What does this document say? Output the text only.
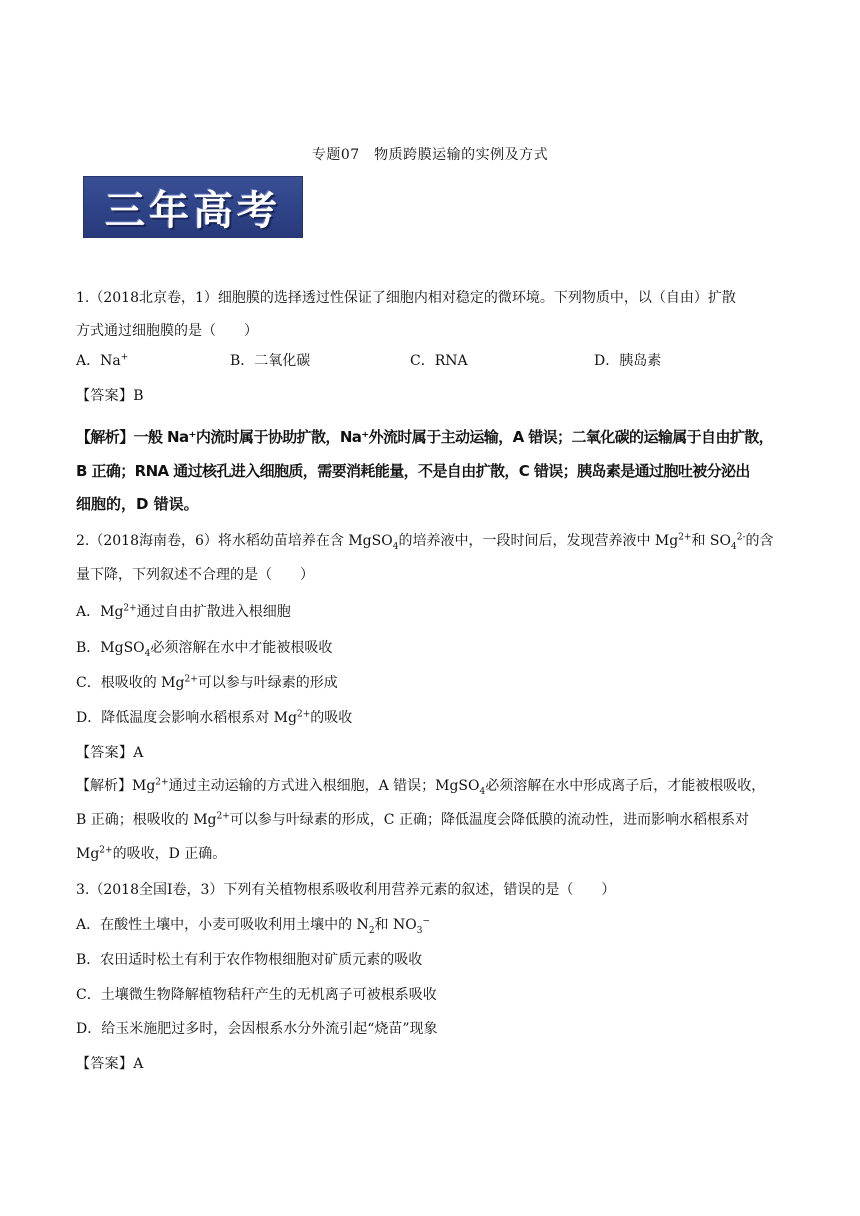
专题07　物质跨膜运输的实例及方式
三年高考
1.（2018北京卷，1）细胞膜的选择透过性保证了细胞内相对稳定的微环境。下列物质中，以（自由）扩散
方式通过细胞膜的是（　　）
A．Na+	B．二氧化碳	C．RNA	D．胰岛素
【答案】B
【解析】一般 Na⁺内流时属于协助扩散，Na⁺外流时属于主动运输，A 错误；二氧化碳的运输属于自由扩散，
B 正确；RNA 通过核孔进入细胞质，需要消耗能量，不是自由扩散，C 错误；胰岛素是通过胞吐被分泌出
细胞的，D 错误。
2.（2018海南卷，6）将水稻幼苗培养在含 MgSO$_4$的培养液中，一段时间后，发现营养液中 $Mg^{2+}$和 $SO_4^{2-}$的含
量下降，下列叙述不合理的是（　　）
A．$Mg^{2+}$通过自由扩散进入根细胞
B．MgSO$_4$必须溶解在水中才能被根吸收
C．根吸收的 $Mg^{2+}$可以参与叶绿素的形成
D．降低温度会影响水稻根系对 $Mg^{2+}$的吸收
【答案】A
【解析】$Mg^{2+}$通过主动运输的方式进入根细胞，A 错误；MgSO$_4$必须溶解在水中形成离子后，才能被根吸收，
B 正确；根吸收的 $Mg^{2+}$可以参与叶绿素的形成，C 正确；降低温度会降低膜的流动性，进而影响水稻根系对
$Mg^{2+}$的吸收，D 正确。
3.（2018全国Ⅰ卷，3）下列有关植物根系吸收利用营养元素的叙述，错误的是（　　）
A．在酸性土壤中，小麦可吸收利用土壤中的 $N_2$和 $NO_3^-$
B．农田适时松土有利于农作物根细胞对矿质元素的吸收
C．土壤微生物降解植物秸秆产生的无机离子可被根系吸收
D．给玉米施肥过多时，会因根系水分外流引起“烧苗”现象
【答案】A
